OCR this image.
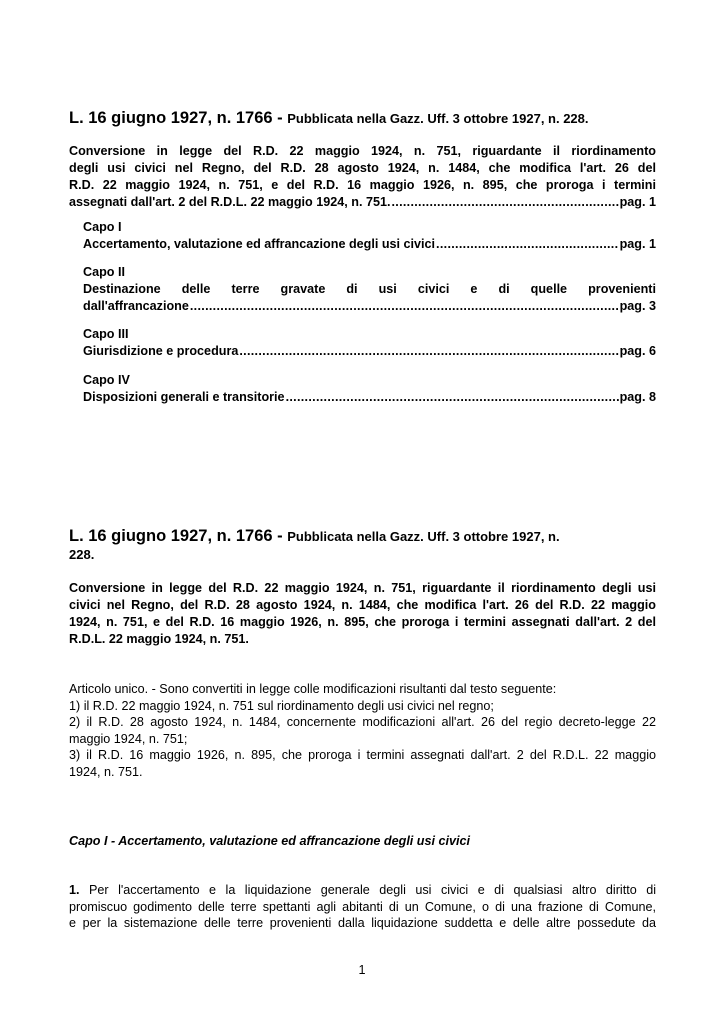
L. 16 giugno 1927, n. 1766 - Pubblicata nella Gazz. Uff. 3 ottobre 1927, n. 228.
Conversione in legge del R.D. 22 maggio 1924, n. 751, riguardante il riordinamento
degli usi civici nel Regno, del R.D. 28 agosto 1924, n. 1484, che modifica l'art. 26 del
R.D. 22 maggio 1924, n. 751, e del R.D. 16 maggio 1926, n. 895, che proroga i termini
assegnati dall'art. 2 del R.D.L. 22 maggio 1924, n. 751. .....	pag. 1
Capo I
Accertamento, valutazione ed affrancazione degli usi civici .....	pag. 1
Capo II
Destinazione delle terre gravate di usi civici e di quelle provenienti
dall'affrancazione .....	pag. 3
Capo III
Giurisdizione e procedura .....	pag. 6
Capo IV
Disposizioni generali e transitorie .....	pag. 8
L. 16 giugno 1927, n. 1766 - Pubblicata nella Gazz. Uff. 3 ottobre 1927, n.
228.
Conversione in legge del R.D. 22 maggio 1924, n. 751, riguardante il riordinamento degli usi
civici nel Regno, del R.D. 28 agosto 1924, n. 1484, che modifica l'art. 26 del R.D. 22 maggio
1924, n. 751, e del R.D. 16 maggio 1926, n. 895, che proroga i termini assegnati dall'art. 2 del
R.D.L. 22 maggio 1924, n. 751.
Articolo unico. - Sono convertiti in legge colle modificazioni risultanti dal testo seguente:
1) il R.D. 22 maggio 1924, n. 751 sul riordinamento degli usi civici nel regno;
2) il R.D. 28 agosto 1924, n. 1484, concernente modificazioni all'art. 26 del regio decreto-legge 22
maggio 1924, n. 751;
3) il R.D. 16 maggio 1926, n. 895, che proroga i termini assegnati dall'art. 2 del R.D.L. 22 maggio
1924, n. 751.
Capo I - Accertamento, valutazione ed affrancazione degli usi civici
1. Per l'accertamento e la liquidazione generale degli usi civici e di qualsiasi altro diritto di
promiscuo godimento delle terre spettanti agli abitanti di un Comune, o di una frazione di Comune,
e per la sistemazione delle terre provenienti dalla liquidazione suddetta e delle altre possedute da
1
